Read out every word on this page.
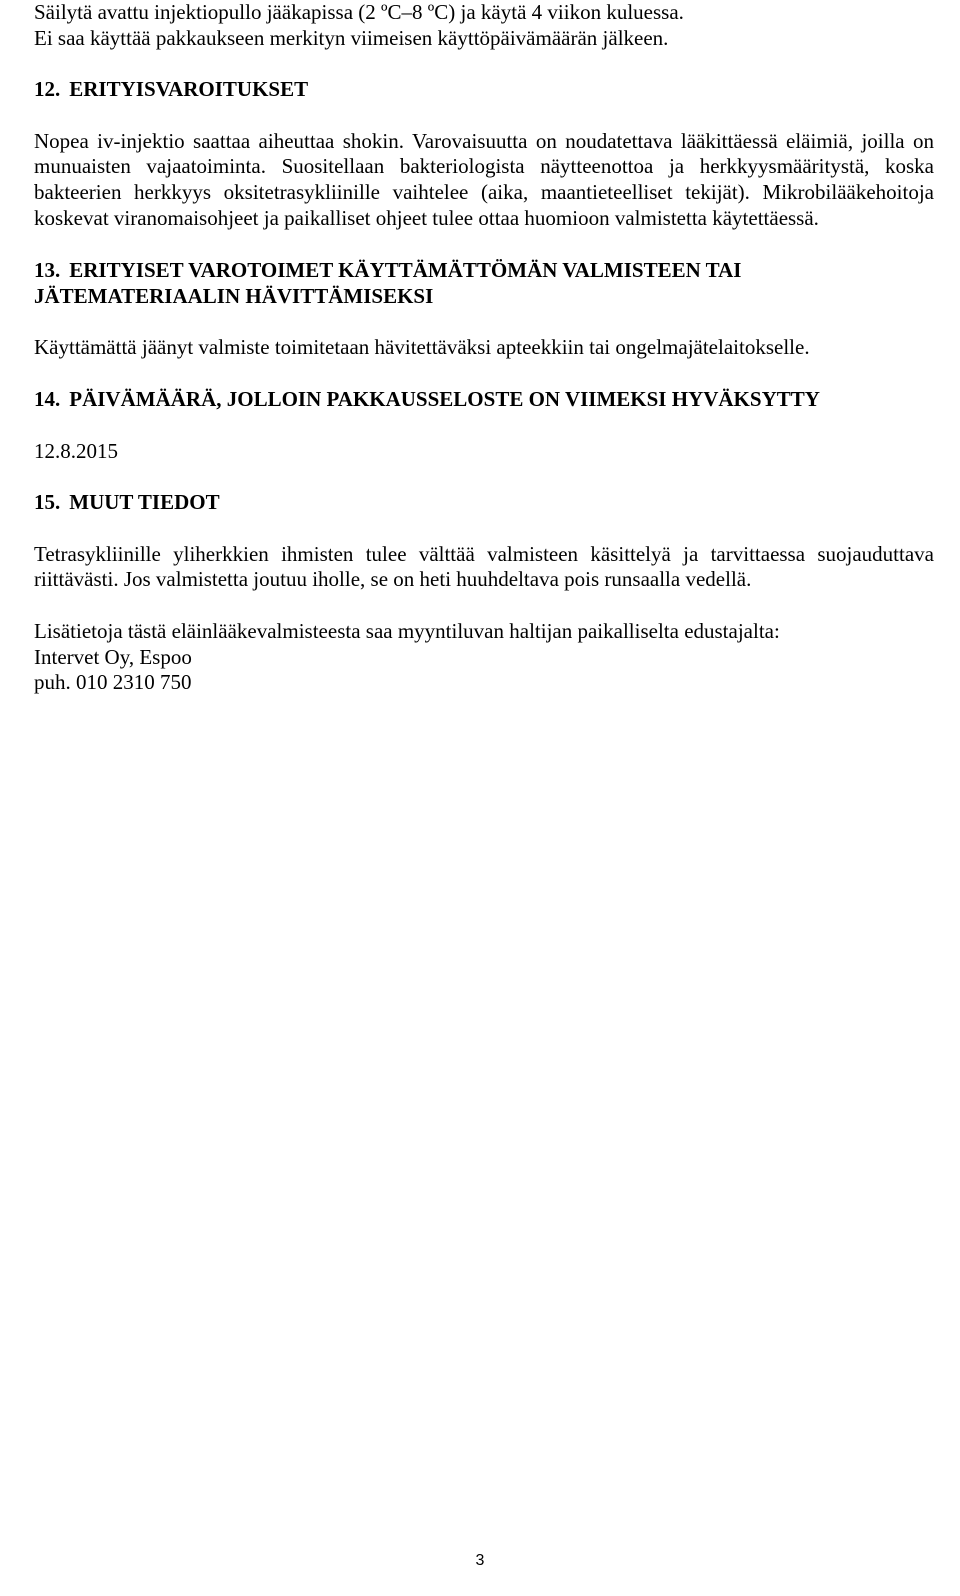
Säilytä avattu injektiopullo jääkapissa (2 ºC–8 ºC) ja käytä 4 viikon kuluessa.
Ei saa käyttää pakkaukseen merkityn viimeisen käyttöpäivämäärän jälkeen.

12. ERITYISVAROITUKSET

Nopea iv-injektio saattaa aiheuttaa shokin. Varovaisuutta on noudatettava lääkittäessä eläimiä, joilla on munuaisten vajaatoiminta. Suositellaan bakteriologista näytteenottoa ja herkkyysmääritystä, koska bakteerien herkkyys oksitetrasykliinille vaihtelee (aika, maantieteelliset tekijät). Mikrobilääkehoitoja koskevat viranomaisohjeet ja paikalliset ohjeet tulee ottaa huomioon valmistetta käytettäessä.

13. ERITYISET VAROTOIMET KÄYTTÄMÄTTÖMÄN VALMISTEEN TAI
JÄTEMATERIAALIN HÄVITTÄMISEKSI

Käyttämättä jäänyt valmiste toimitetaan hävitettäväksi apteekkiin tai ongelmajätelaitokselle.

14. PÄIVÄMÄÄRÄ, JOLLOIN PAKKAUSSELOSTE ON VIIMEKSI HYVÄKSYTTY

12.8.2015

15. MUUT TIEDOT

Tetrasykliinille yliherkkien ihmisten tulee välttää valmisteen käsittelyä ja tarvittaessa suojauduttava riittävästi. Jos valmistetta joutuu iholle, se on heti huuhdeltava pois runsaalla vedellä.

Lisätietoja tästä eläinlääkevalmisteesta saa myyntiluvan haltijan paikalliselta edustajalta:
Intervet Oy, Espoo
puh. 010 2310 750

3
